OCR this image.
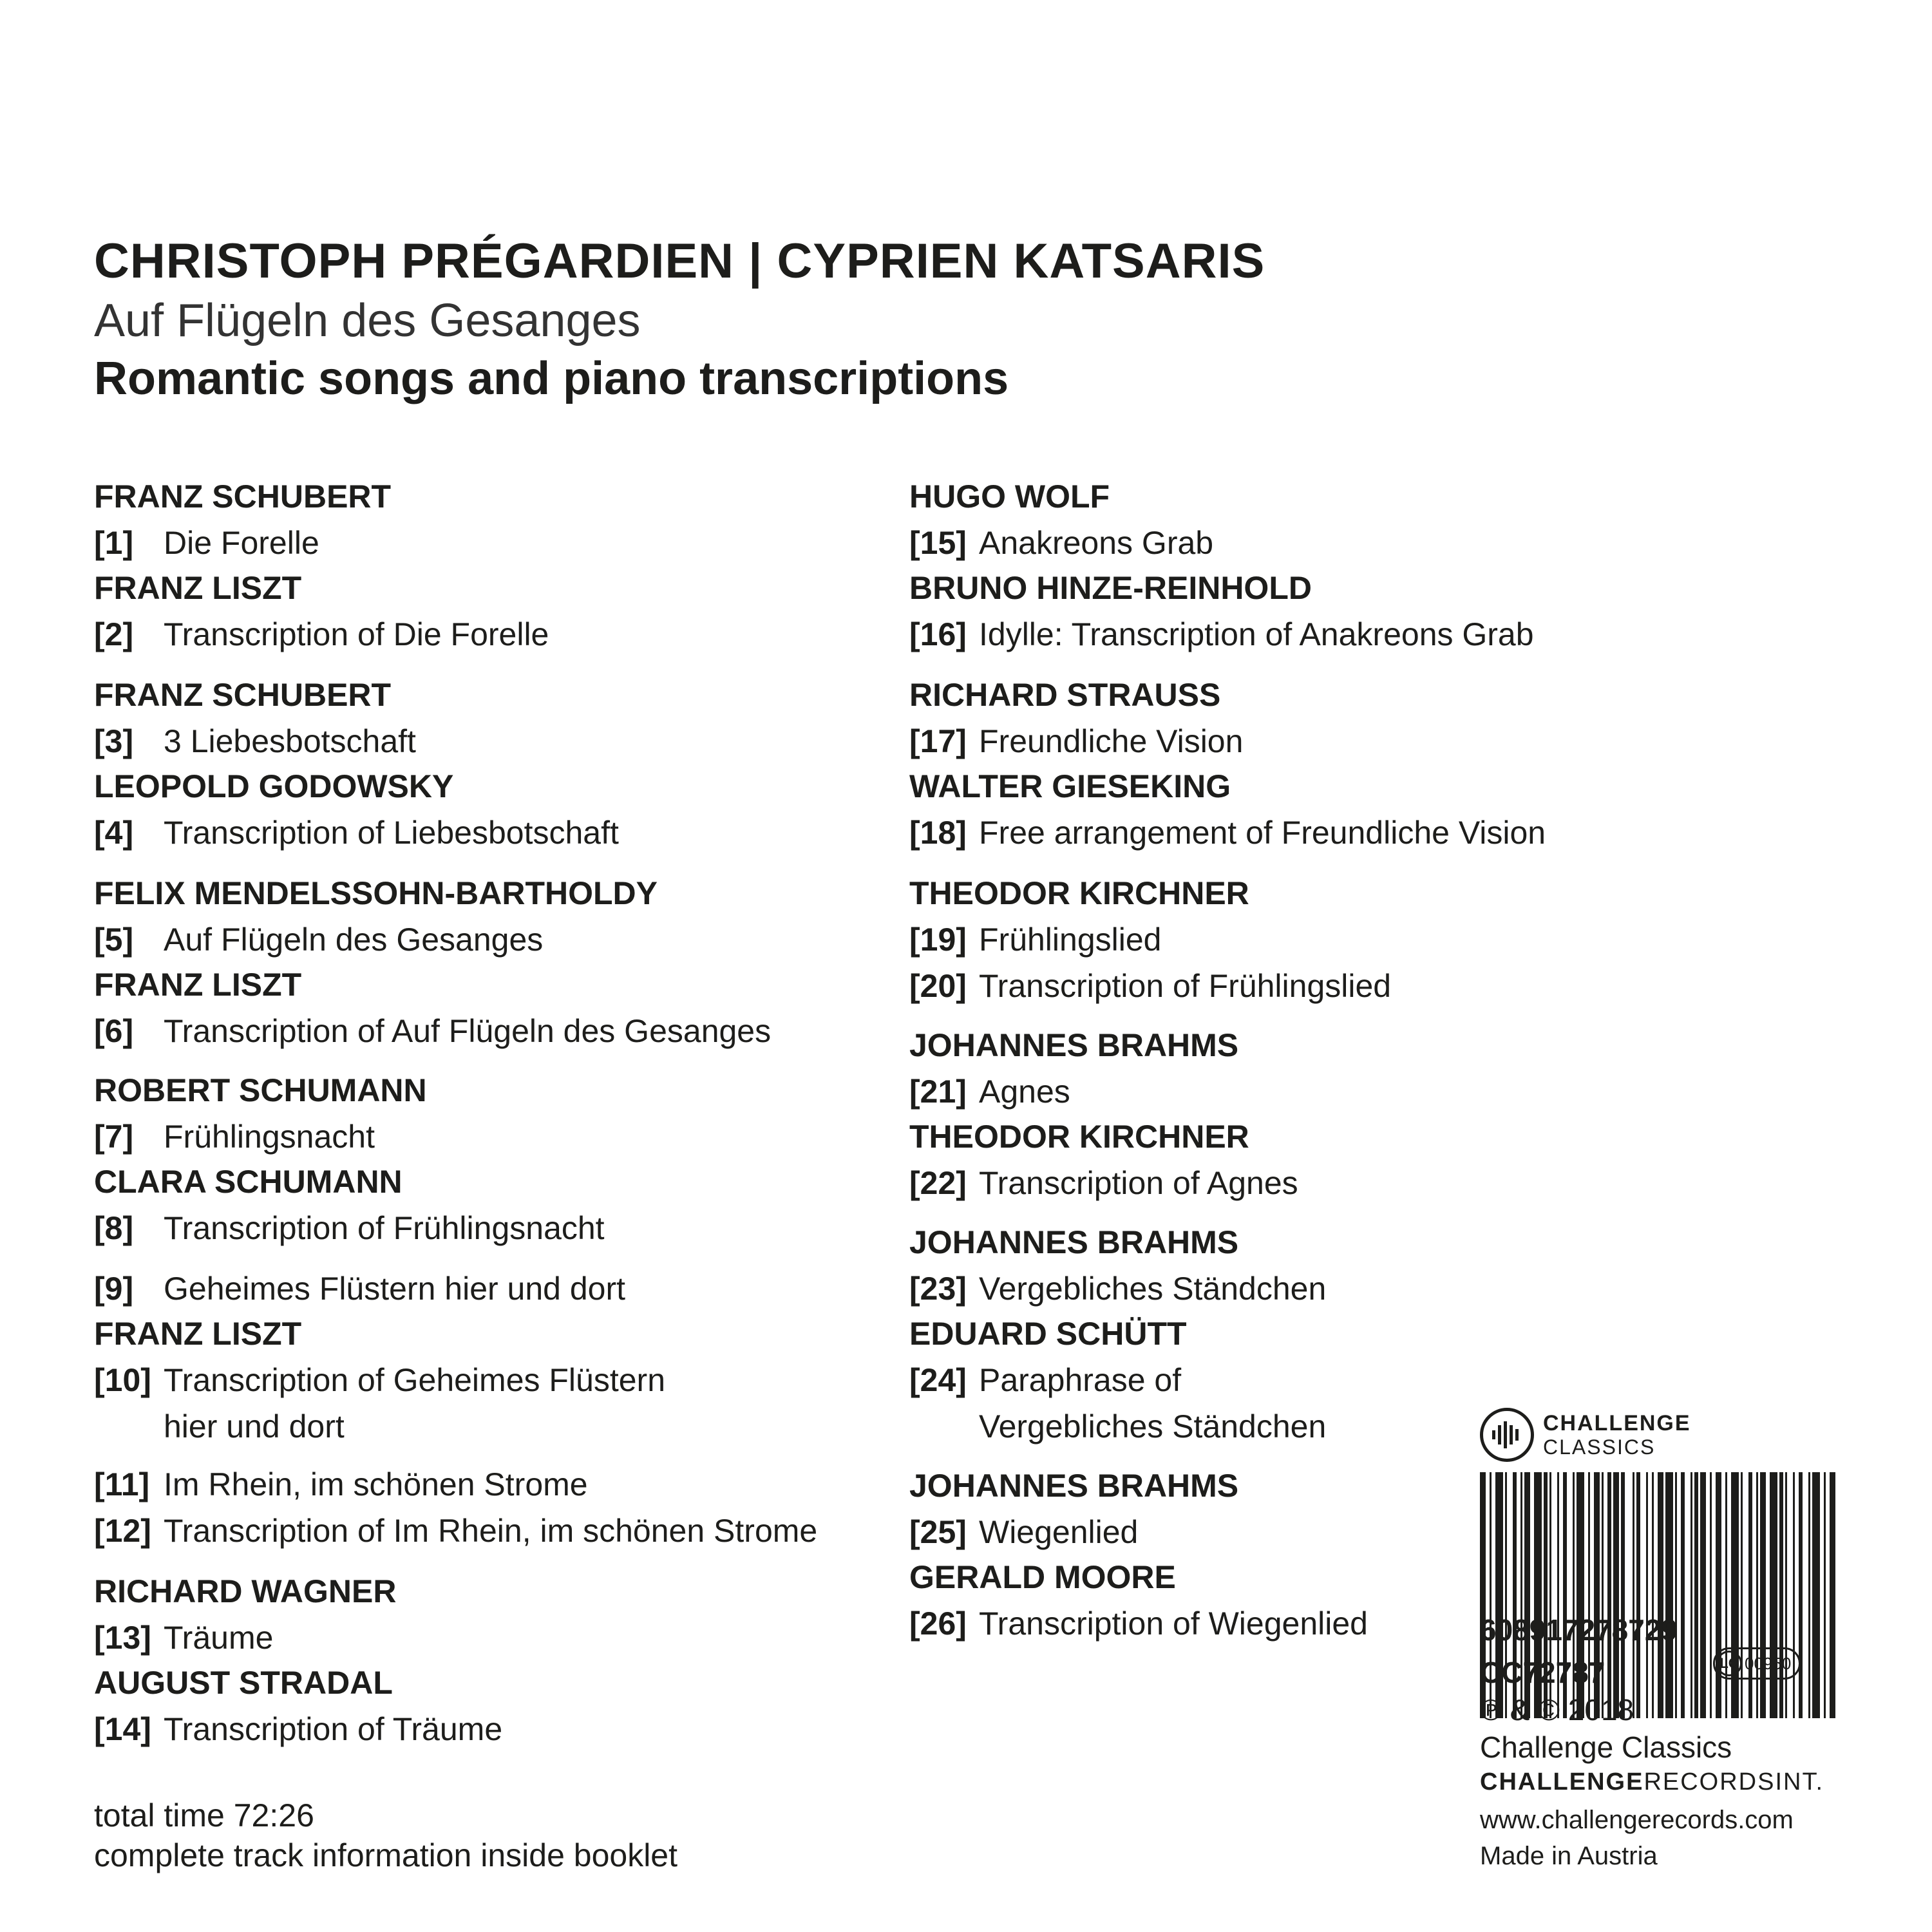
CHRISTOPH PRÉGARDIEN | CYPRIEN KATSARIS
Auf Flügeln des Gesanges
Romantic songs and piano transcriptions
FRANZ SCHUBERT
[1] Die Forelle
FRANZ LISZT
[2] Transcription of Die Forelle
FRANZ SCHUBERT
[3] 3 Liebesbotschaft
LEOPOLD GODOWSKY
[4] Transcription of Liebesbotschaft
FELIX MENDELSSOHN-BARTHOLDY
[5] Auf Flügeln des Gesanges
FRANZ LISZT
[6] Transcription of Auf Flügeln des Gesanges
ROBERT SCHUMANN
[7] Frühlingsnacht
CLARA SCHUMANN
[8] Transcription of Frühlingsnacht
[9] Geheimes Flüstern hier und dort
FRANZ LISZT
[10] Transcription of Geheimes Flüstern
hier und dort
[11] Im Rhein, im schönen Strome
[12] Transcription of Im Rhein, im schönen Strome
RICHARD WAGNER
[13] Träume
AUGUST STRADAL
[14] Transcription of Träume
HUGO WOLF
[15] Anakreons Grab
BRUNO HINZE-REINHOLD
[16] Idylle: Transcription of Anakreons Grab
RICHARD STRAUSS
[17] Freundliche Vision
WALTER GIESEKING
[18] Free arrangement of Freundliche Vision
THEODOR KIRCHNER
[19] Frühlingslied
[20] Transcription of Frühlingslied
JOHANNES BRAHMS
[21] Agnes
THEODOR KIRCHNER
[22] Transcription of Agnes
JOHANNES BRAHMS
[23] Vergebliches Ständchen
EDUARD SCHÜTT
[24] Paraphrase of
Vergebliches Ständchen
JOHANNES BRAHMS
[25] Wiegenlied
GERALD MOORE
[26] Transcription of Wiegenlied
total time 72:26
complete track information inside booklet
CHALLENGE
CLASSICS
608917278729
CC72787	LC 00950
℗ & © 2018
Challenge Classics
CHALLENGERECORDSINT.
www.challengerecords.com
Made in Austria
